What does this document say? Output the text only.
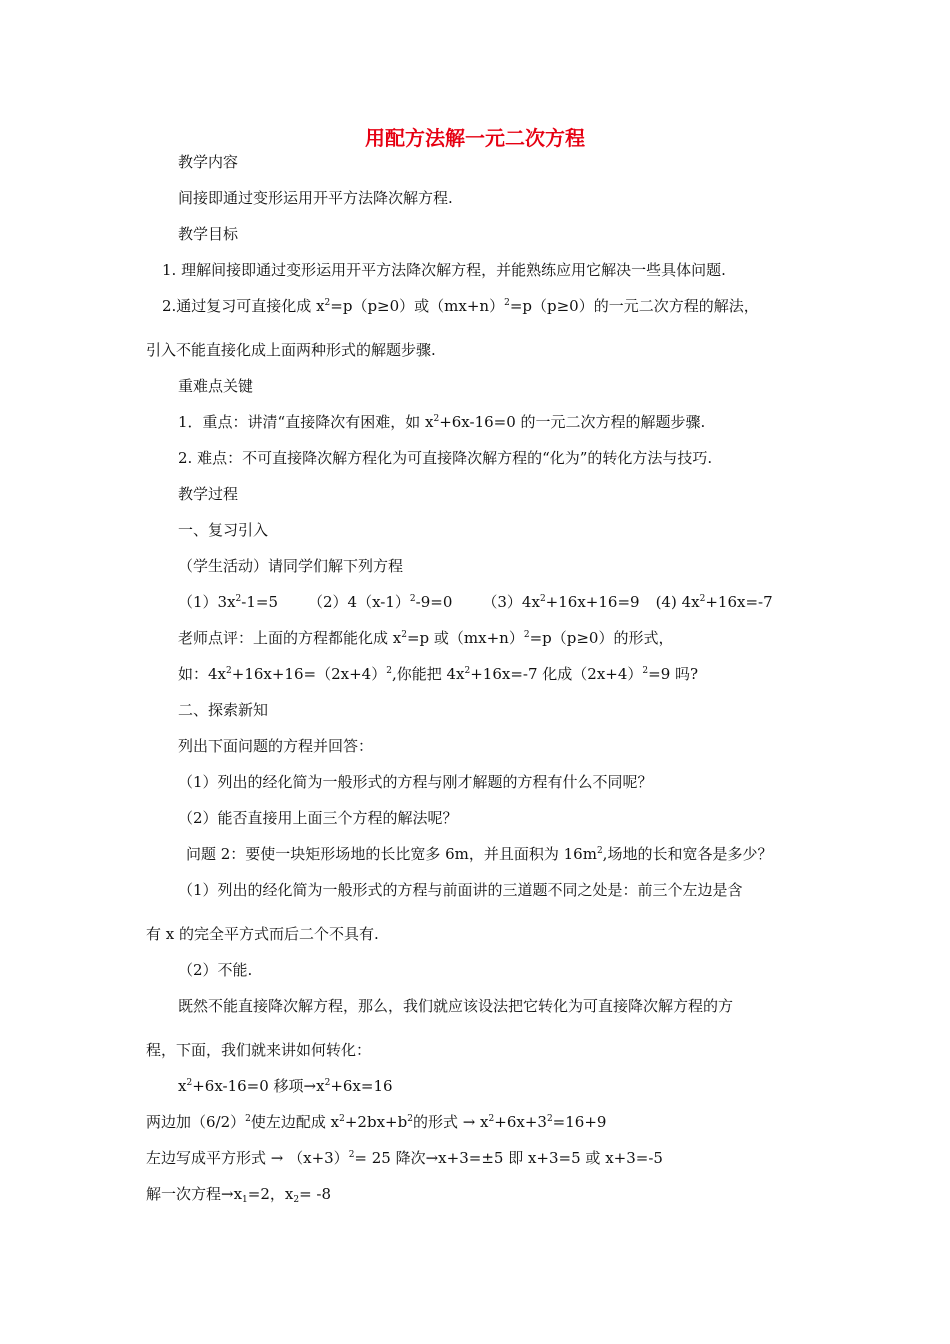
用配方法解一元二次方程
教学内容
间接即通过变形运用开平方法降次解方程.
教学目标
1. 理解间接即通过变形运用开平方法降次解方程，并能熟练应用它解决一些具体问题.
2.通过复习可直接化成 $x^2=p(p\ge 0)$或$(mx+n)^2=p(p\ge 0)$的一元二次方程的解法，
引入不能直接化成上面两种形式的解题步骤.
重难点关键
1．重点：讲清“直接降次有困难，如 $x^2+6x-16=0$ 的一元二次方程的解题步骤.
2. 难点：不可直接降次解方程化为可直接降次解方程的“化为”的转化方法与技巧.
教学过程
一、复习引入
（学生活动）请同学们解下列方程
$(1)3x^2-1=5$ $(2)4(x-1)^2-9=0$ $(3)4x^2+16x+16=9$ (4) $4x^2+16x=-7$
老师点评：上面的方程都能化成 $x^2=p$ 或$(mx+n)^2=p(p\ge 0)$的形式，
如：$4x^2+16x+16=(2x+4)^2$,你能把 $4x^2+16x=-7$ 化成$(2x+4)^2=9$ 吗?
二、探索新知
列出下面问题的方程并回答：
（1）列出的经化简为一般形式的方程与刚才解题的方程有什么不同呢？
（2）能否直接用上面三个方程的解法呢？
问题 2：要使一块矩形场地的长比宽多 6m，并且面积为 $16m^2$,场地的长和宽各是多少？
（1）列出的经化简为一般形式的方程与前面讲的三道题不同之处是：前三个左边是含
有 x 的完全平方式而后二个不具有.
（2）不能.
既然不能直接降次解方程，那么，我们就应该设法把它转化为可直接降次解方程的方
程，下面，我们就来讲如何转化：
$x^2+6x-16=0$ 移项$\to x^2+6x=16$
两边加$(6/2)^2$使左边配成 $x^2+2bx+b^2$的形式 → $x^2+6x+3^2=16+9$
左边写成平方形式 → $(x+3)^2= 25$ 降次→x+3=±5 即 x+3=5 或 x+3=-5
解一次方程$\to x_1=2$，$x_2= -8$
